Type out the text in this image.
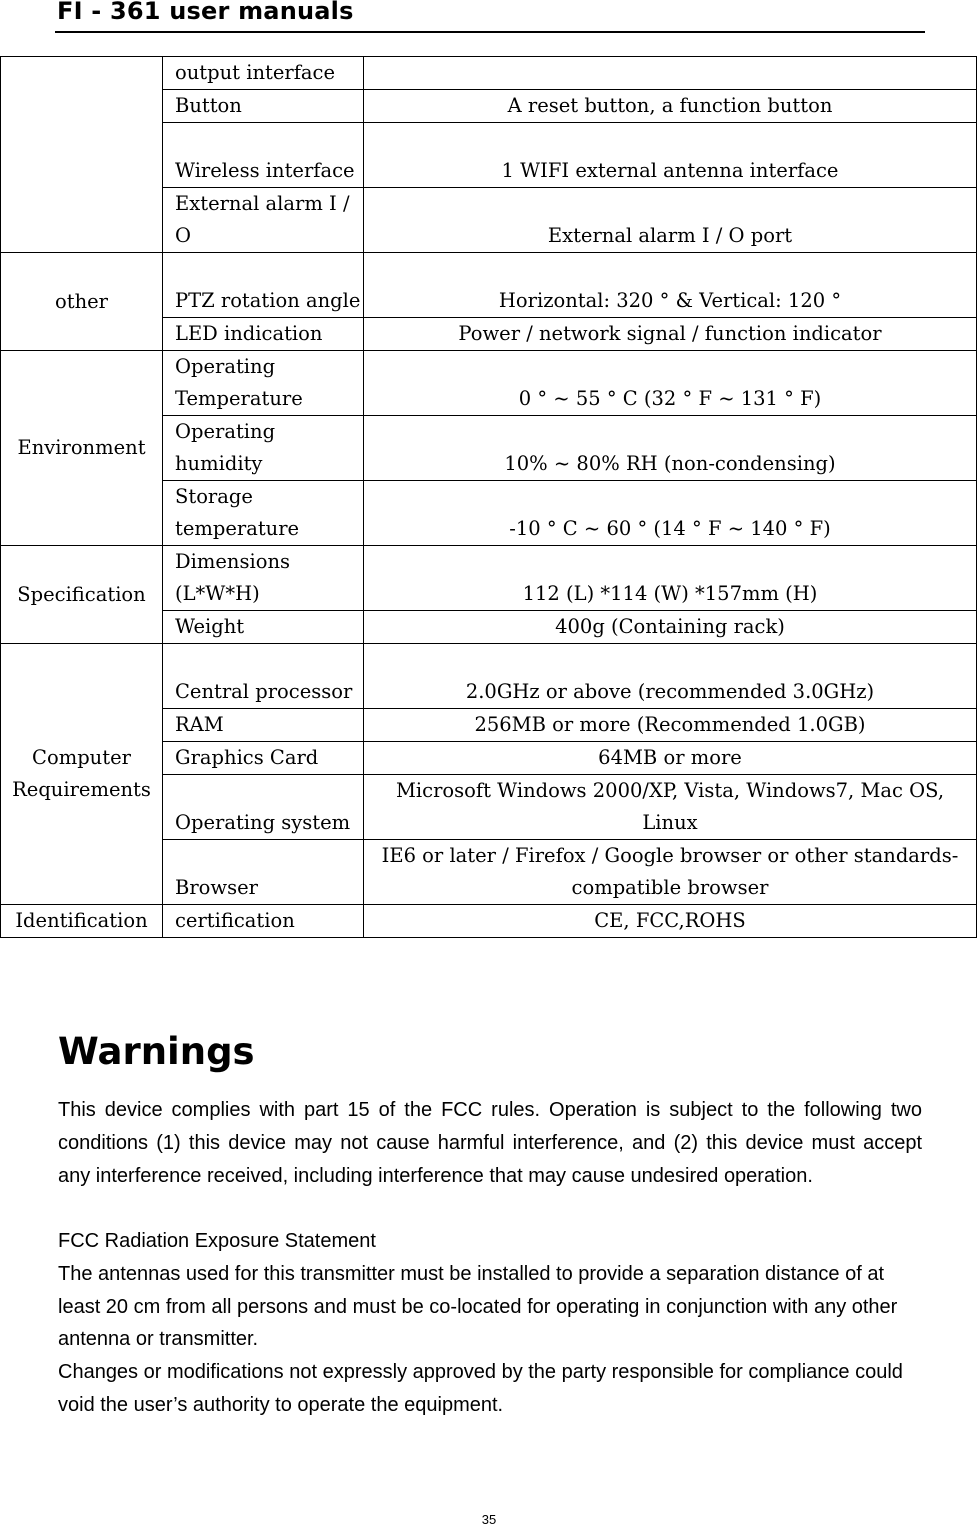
FI - 361 user manuals
	output interface	
	Button	A reset button, a function button
	Wireless interface	1 WIFI external antenna interface
	External alarm I / O	External alarm I / O port
other	PTZ rotation angle	Horizontal: 320 ° & Vertical: 120 °
	LED indication	Power / network signal / function indicator
Environment	Operating Temperature	0 ° ~ 55 ° C (32 ° F ~ 131 ° F)
	Operating humidity	10% ~ 80% RH (non-condensing)
	Storage temperature	-10 ° C ~ 60 ° (14 ° F ~ 140 ° F)
Specification	Dimensions (L*W*H)	112 (L) *114 (W) *157mm (H)
	Weight	400g (Containing rack)
Computer Requirements	Central processor	2.0GHz or above (recommended 3.0GHz)
	RAM	256MB or more (Recommended 1.0GB)
	Graphics Card	64MB or more
	Operating system	Microsoft Windows 2000/XP, Vista, Windows7, Mac OS, Linux
	Browser	IE6 or later / Firefox / Google browser or other standards-compatible browser
Identification	certification	CE, FCC,ROHS
Warnings

This device complies with part 15 of the FCC rules. Operation is subject to the following two conditions (1) this device may not cause harmful interference, and (2) this device must accept any interference received, including interference that may cause undesired operation.

FCC Radiation Exposure Statement

The antennas used for this transmitter must be installed to provide a separation distance of at least 20 cm from all persons and must be co-located for operating in conjunction with any other antenna or transmitter.

Changes or modifications not expressly approved by the party responsible for compliance could void the user’s authority to operate the equipment.

35
